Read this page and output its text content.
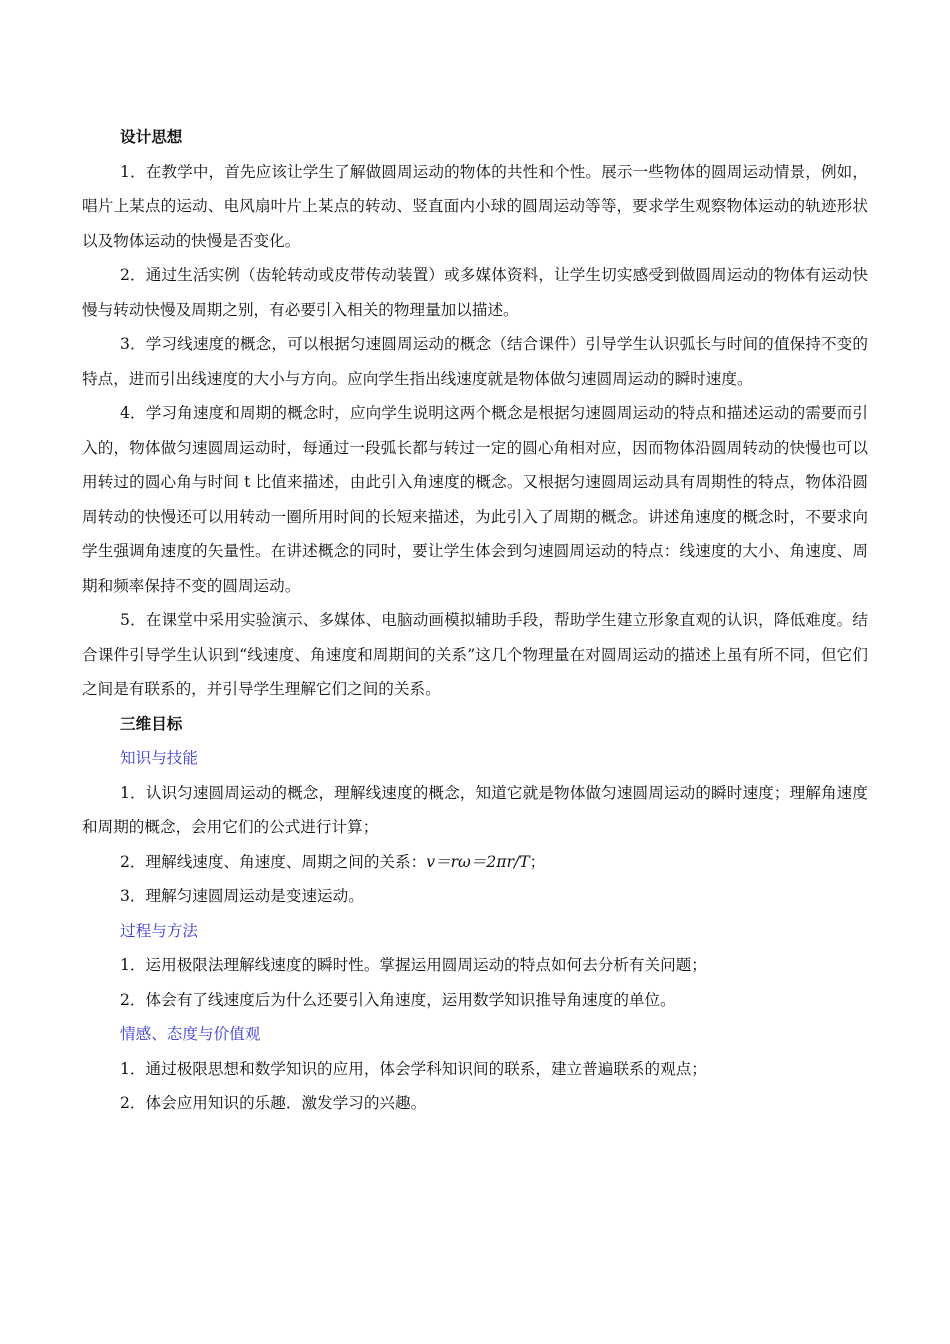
设计思想

1．在教学中，首先应该让学生了解做圆周运动的物体的共性和个性。展示一些物体的圆周运动情景，例如，唱片上某点的运动、电风扇叶片上某点的转动、竖直面内小球的圆周运动等等，要求学生观察物体运动的轨迹形状以及物体运动的快慢是否变化。

2．通过生活实例（齿轮转动或皮带传动装置）或多媒体资料，让学生切实感受到做圆周运动的物体有运动快慢与转动快慢及周期之别，有必要引入相关的物理量加以描述。

3．学习线速度的概念，可以根据匀速圆周运动的概念（结合课件）引导学生认识弧长与时间的值保持不变的特点，进而引出线速度的大小与方向。应向学生指出线速度就是物体做匀速圆周运动的瞬时速度。

4．学习角速度和周期的概念时，应向学生说明这两个概念是根据匀速圆周运动的特点和描述运动的需要而引入的，物体做匀速圆周运动时，每通过一段弧长都与转过一定的圆心角相对应，因而物体沿圆周转动的快慢也可以用转过的圆心角与时间 t 比值来描述，由此引入角速度的概念。又根据匀速圆周运动具有周期性的特点，物体沿圆周转动的快慢还可以用转动一圈所用时间的长短来描述，为此引入了周期的概念。讲述角速度的概念时，不要求向学生强调角速度的矢量性。在讲述概念的同时，要让学生体会到匀速圆周运动的特点：线速度的大小、角速度、周期和频率保持不变的圆周运动。

5．在课堂中采用实验演示、多媒体、电脑动画模拟辅助手段，帮助学生建立形象直观的认识，降低难度。结合课件引导学生认识到“线速度、角速度和周期间的关系”这几个物理量在对圆周运动的描述上虽有所不同，但它们之间是有联系的，并引导学生理解它们之间的关系。

三维目标

知识与技能

1．认识匀速圆周运动的概念，理解线速度的概念，知道它就是物体做匀速圆周运动的瞬时速度；理解角速度和周期的概念，会用它们的公式进行计算；

2．理解线速度、角速度、周期之间的关系：v＝rω＝2πr/T；

3．理解匀速圆周运动是变速运动。

过程与方法

1．运用极限法理解线速度的瞬时性。掌握运用圆周运动的特点如何去分析有关问题；

2．体会有了线速度后为什么还要引入角速度，运用数学知识推导角速度的单位。

情感、态度与价值观

1．通过极限思想和数学知识的应用，体会学科知识间的联系，建立普遍联系的观点；

2．体会应用知识的乐趣．激发学习的兴趣。
